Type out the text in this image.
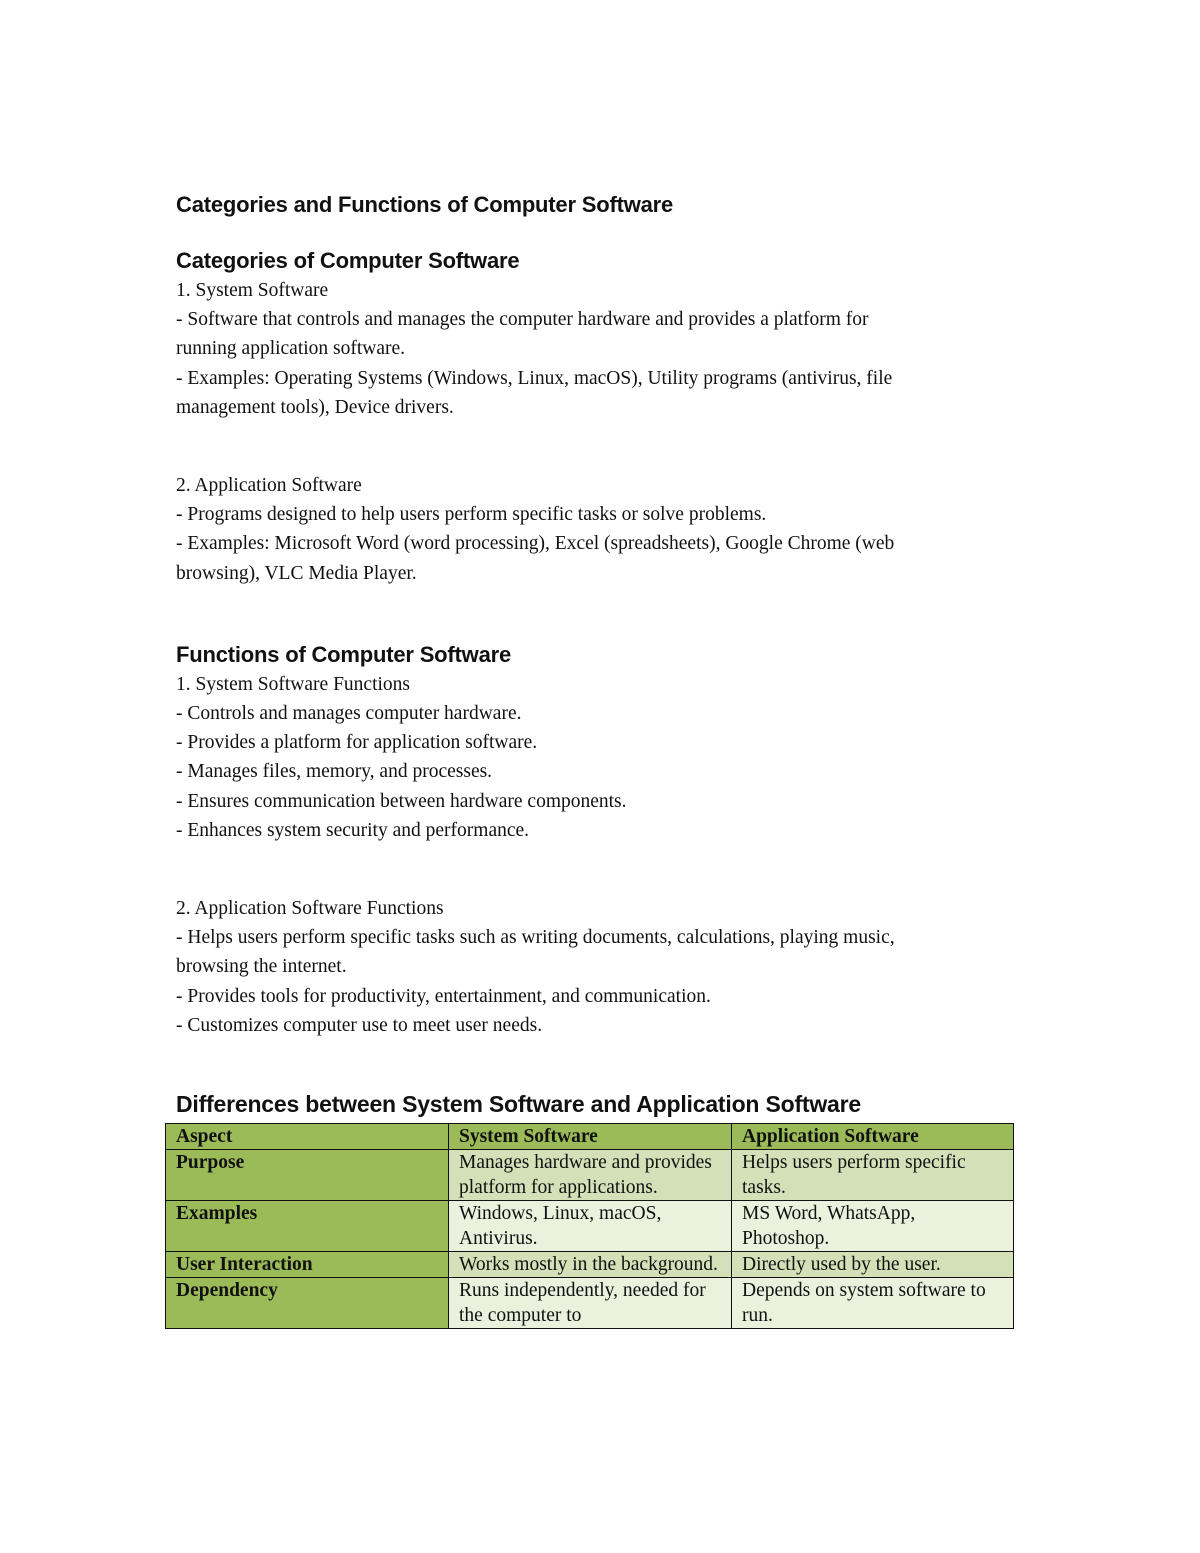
Categories and Functions of Computer Software
Categories of Computer Software

1. System Software

- Software that controls and manages the computer hardware and provides a platform for

running application software.

- Examples: Operating Systems (Windows, Linux, macOS), Utility programs (antivirus, file

management tools), Device drivers.

2. Application Software

- Programs designed to help users perform specific tasks or solve problems.

- Examples: Microsoft Word (word processing), Excel (spreadsheets), Google Chrome (web

browsing), VLC Media Player.

Functions of Computer Software

1. System Software Functions

- Controls and manages computer hardware.

- Provides a platform for application software.

- Manages files, memory, and processes.

- Ensures communication between hardware components.

- Enhances system security and performance.

2. Application Software Functions

- Helps users perform specific tasks such as writing documents, calculations, playing music,

browsing the internet.

- Provides tools for productivity, entertainment, and communication.

- Customizes computer use to meet user needs.

Differences between System Software and Application Software
Aspect	System Software	Application Software
Purpose	Manages hardware and provides platform for applications.	Helps users perform specific tasks.
Examples	Windows, Linux, macOS, Antivirus.	MS Word, WhatsApp, Photoshop.
User Interaction	Works mostly in the background.	Directly used by the user.

Dependency	Runs independently, needed for the computer to	Depends on system software to run.
